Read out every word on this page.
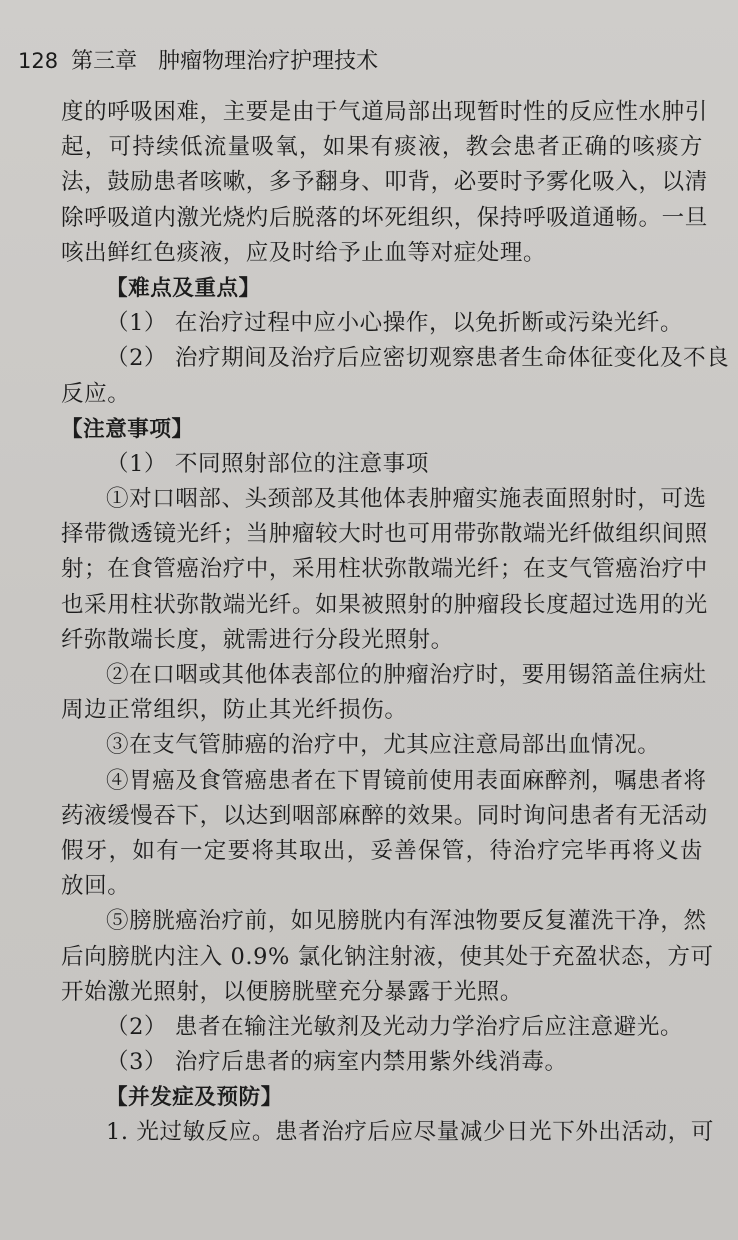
128 第三章 肿瘤物理治疗护理技术
度的呼吸困难，主要是由于气道局部出现暂时性的反应性水肿引
起，可持续低流量吸氧，如果有痰液，教会患者正确的咳痰方
法，鼓励患者咳嗽，多予翻身、叩背，必要时予雾化吸入，以清
除呼吸道内激光烧灼后脱落的坏死组织，保持呼吸道通畅。一旦
咳出鲜红色痰液，应及时给予止血等对症处理。
【难点及重点】
（1） 在治疗过程中应小心操作，以免折断或污染光纤。
（2） 治疗期间及治疗后应密切观察患者生命体征变化及不良
反应。
【注意事项】
（1） 不同照射部位的注意事项
①对口咽部、头颈部及其他体表肿瘤实施表面照射时，可选
择带微透镜光纤；当肿瘤较大时也可用带弥散端光纤做组织间照
射；在食管癌治疗中，采用柱状弥散端光纤；在支气管癌治疗中
也采用柱状弥散端光纤。如果被照射的肿瘤段长度超过选用的光
纤弥散端长度，就需进行分段光照射。
②在口咽或其他体表部位的肿瘤治疗时，要用锡箔盖住病灶
周边正常组织，防止其光纤损伤。
③在支气管肺癌的治疗中，尤其应注意局部出血情况。
④胃癌及食管癌患者在下胃镜前使用表面麻醉剂，嘱患者将
药液缓慢吞下，以达到咽部麻醉的效果。同时询问患者有无活动
假牙，如有一定要将其取出，妥善保管，待治疗完毕再将义齿
放回。
⑤膀胱癌治疗前，如见膀胱内有浑浊物要反复灌洗干净，然
后向膀胱内注入 0.9% 氯化钠注射液，使其处于充盈状态，方可
开始激光照射，以便膀胱壁充分暴露于光照。
（2） 患者在输注光敏剂及光动力学治疗后应注意避光。
（3） 治疗后患者的病室内禁用紫外线消毒。
【并发症及预防】
1. 光过敏反应。患者治疗后应尽量减少日光下外出活动，可
